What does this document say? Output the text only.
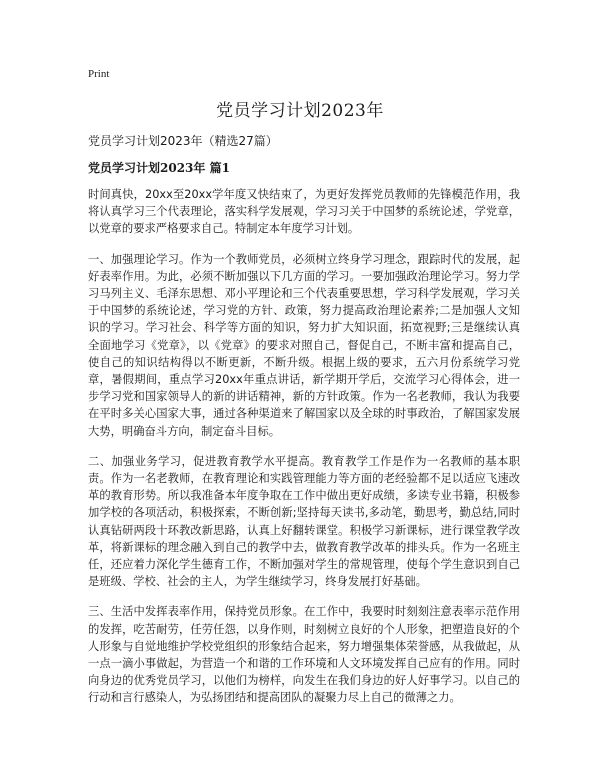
Print
党员学习计划2023年
党员学习计划2023年（精选27篇）
党员学习计划2023年 篇1

时间真快，20xx至20xx学年度又快结束了，为更好发挥党员教师的先锋模范作用，我将认真学习三个代表理论，落实科学发展观，学习习关于中国梦的系统论述，学党章，以党章的要求严格要求自己。特制定本年度学习计划。

一、加强理论学习。作为一个教师党员，必须树立终身学习理念，跟踪时代的发展，起好表率作用。为此，必须不断加强以下几方面的学习。一要加强政治理论学习。努力学习马列主义、毛泽东思想、邓小平理论和三个代表重要思想，学习科学发展观，学习关于中国梦的系统论述，学习党的方针、政策，努力提高政治理论素养;二是加强人文知识的学习。学习社会、科学等方面的知识，努力扩大知识面，拓宽视野;三是继续认真全面地学习《党章》，以《党章》的要求对照自己，督促自己，不断丰富和提高自己，使自己的知识结构得以不断更新，不断升级。根据上级的要求，五六月份系统学习党章，暑假期间，重点学习20xx年重点讲话，新学期开学后，交流学习心得体会，进一步学习党和国家领导人的新的讲话精神，新的方针政策。作为一名老教师，我认为我要在平时多关心国家大事，通过各种渠道来了解国家以及全球的时事政治，了解国家发展大势，明确奋斗方向，制定奋斗目标。

二、加强业务学习，促进教育教学水平提高。教育教学工作是作为一名教师的基本职责。作为一名老教师，在教育理论和实践管理能力等方面的老经验都不足以适应飞速改革的教育形势。所以我准备本年度争取在工作中做出更好成绩，多读专业书籍，积极参加学校的各项活动，积极探索，不断创新;坚持每天读书,多动笔，勤思考，勤总结,同时认真钻研两段十环教改新思路，认真上好翻转课堂。积极学习新课标，进行课堂教学改革，将新课标的理念融入到自己的教学中去，做教育教学改革的排头兵。作为一名班主任，还应着力深化学生德育工作，不断加强对学生的常规管理，使每个学生意识到自己是班级、学校、社会的主人，为学生继续学习，终身发展打好基础。

三、生活中发挥表率作用，保持党员形象。在工作中，我要时时刻刻注意表率示范作用的发挥，吃苦耐劳，任劳任怨，以身作则，时刻树立良好的个人形象，把塑造良好的个人形象与自觉地维护学校党组织的形象结合起来，努力增强集体荣誉感，从我做起，从一点一滴小事做起，为营造一个和谐的工作环境和人文环境发挥自己应有的作用。同时向身边的优秀党员学习，以他们为榜样，向发生在我们身边的好人好事学习。以自己的行动和言行感染人，为弘扬团结和提高团队的凝聚力尽上自己的微薄之力。
